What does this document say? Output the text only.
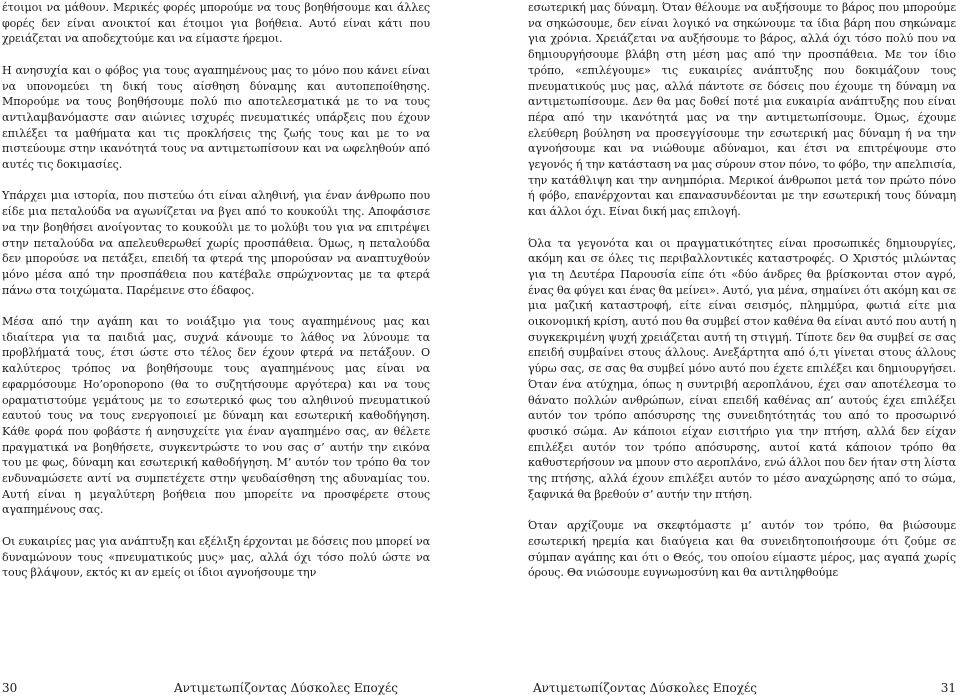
έτοιμοι να μάθουν. Μερικές φορές μπορούμε να τους βοηθήσουμε και άλλες φορές δεν είναι ανοικτοί και έτοιμοι για βοήθεια. Αυτό είναι κάτι που χρειάζεται να αποδεχτούμε και να είμαστε ήρεμοι.

Η ανησυχία και ο φόβος για τους αγαπημένους μας το μόνο που κάνει είναι να υπονομεύει τη δική τους αίσθηση δύναμης και αυτοπεποίθησης. Μπορούμε να τους βοηθήσουμε πολύ πιο αποτελεσματικά με το να τους αντιλαμβανόμαστε σαν αιώνιες ισχυρές πνευματικές υπάρξεις που έχουν επιλέξει τα μαθήματα και τις προκλήσεις της ζωής τους και με το να πιστεύουμε στην ικανότητά τους να αντιμετωπίσουν και να ωφεληθούν από αυτές τις δοκιμασίες.

Υπάρχει μια ιστορία, που πιστεύω ότι είναι αληθινή, για έναν άνθρωπο που είδε μια πεταλούδα να αγωνίζεται να βγει από το κουκούλι της. Αποφάσισε να την βοηθήσει ανοίγοντας το κουκούλι με το μολύβι του για να επιτρέψει στην πεταλούδα να απελευθερωθεί χωρίς προσπάθεια. Όμως, η πεταλούδα δεν μπορούσε να πετάξει, επειδή τα φτερά της μπορούσαν να αναπτυχθούν μόνο μέσα από την προσπάθεια που κατέβαλε σπρώχνοντας με τα φτερά πάνω στα τοιχώματα. Παρέμεινε στο έδαφος.

Μέσα από την αγάπη και το νοιάξιμο για τους αγαπημένους μας και ιδιαίτερα για τα παιδιά μας, συχνά κάνουμε το λάθος να λύνουμε τα προβλήματά τους, έτσι ώστε στο τέλος δεν έχουν φτερά να πετάξουν. Ο καλύτερος τρόπος να βοηθήσουμε τους αγαπημένους μας είναι να εφαρμόσουμε Ho’oponopono (θα το συζητήσουμε αργότερα) και να τους οραματιστούμε γεμάτους με το εσωτερικό φως του αληθινού πνευματικού εαυτού τους να τους ενεργοποιεί με δύναμη και εσωτερική καθοδήγηση. Κάθε φορά που φοβάστε ή ανησυχείτε για έναν αγαπημένο σας, αν θέλετε πραγματικά να βοηθήσετε, συγκεντρώστε το νου σας σ’ αυτήν την εικόνα του με φως, δύναμη και εσωτερική καθοδήγηση. Μ’ αυτόν τον τρόπο θα τον ενδυναμώσετε αντί να συμπετέχετε στην ψευδαίσθηση της αδυναμίας του. Αυτή είναι η μεγαλύτερη βοήθεια που μπορείτε να προσφέρετε στους αγαπημένους σας.

Οι ευκαιρίες μας για ανάπτυξη και εξέλιξη έρχονται με δόσεις που μπορεί να δυναμώνουν τους «πνευματικούς μυς» μας, αλλά όχι τόσο πολύ ώστε να τους βλάψουν, εκτός κι αν εμείς οι ίδιοι αγνοήσουμε την

30	Αντιμετωπίζοντας Δύσκολες Εποχές

εσωτερική μας δύναμη. Όταν θέλουμε να αυξήσουμε το βάρος που μπορούμε να σηκώσουμε, δεν είναι λογικό να σηκώνουμε τα ίδια βάρη που σηκώναμε για χρόνια. Χρειάζεται να αυξήσουμε το βάρος, αλλά όχι τόσο πολύ που να δημιουργήσουμε βλάβη στη μέση μας από την προσπάθεια. Με τον ίδιο τρόπο, «επιλέγουμε» τις ευκαιρίες ανάπτυξης που δοκιμάζουν τους πνευματικούς μυς μας, αλλά πάντοτε σε δόσεις που έχουμε τη δύναμη να αντιμετωπίσουμε. Δεν θα μας δοθεί ποτέ μια ευκαιρία ανάπτυξης που είναι πέρα από την ικανότητά μας να την αντιμετωπίσουμε. Όμως, έχουμε ελεύθερη βούληση να προσεγγίσουμε την εσωτερική μας δύναμη ή να την αγνοήσουμε και να νιώθουμε αδύναμοι, και έτσι να επιτρέψουμε στο γεγονός ή την κατάσταση να μας σύρουν στον πόνο, το φόβο, την απελπισία, την κατάθλιψη και την ανημπόρια. Μερικοί άνθρωποι μετά τον πρώτο πόνο ή φόβο, επανέρχονται και επανασυνδέονται με την εσωτερική τους δύναμη και άλλοι όχι. Είναι δική μας επιλογή.

Όλα τα γεγονότα και οι πραγματικότητες είναι προσωπικές δημιουργίες, ακόμη και σε όλες τις περιβαλλοντικές καταστροφές. Ο Χριστός μιλώντας για τη Δευτέρα Παρουσία είπε ότι «δύο άνδρες θα βρίσκονται στον αγρό, ένας θα φύγει και ένας θα μείνει». Αυτό, για μένα, σημαίνει ότι ακόμη και σε μια μαζική καταστροφή, είτε είναι σεισμός, πλημμύρα, φωτιά είτε μια οικονομική κρίση, αυτό που θα συμβεί στον καθένα θα είναι αυτό που αυτή η συγκεκριμένη ψυχή χρειάζεται αυτή τη στιγμή. Τίποτε δεν θα συμβεί σε σας επειδή συμβαίνει στους άλλους. Ανεξάρτητα από ό,τι γίνεται στους άλλους γύρω σας, σε σας θα συμβεί μόνο αυτό που έχετε επιλέξει και δημιουργήσει. Όταν ένα ατύχημα, όπως η συντριβή αεροπλάνου, έχει σαν αποτέλεσμα το θάνατο πολλών ανθρώπων, είναι επειδή καθένας απ’ αυτούς έχει επιλέξει αυτόν τον τρόπο απόσυρσης της συνειδητότητάς του από το προσωρινό φυσικό σώμα. Αν κάποιοι είχαν εισιτήριο για την πτήση, αλλά δεν είχαν επιλέξει αυτόν τον τρόπο απόσυρσης, αυτοί κατά κάποιον τρόπο θα καθυστερήσουν να μπουν στο αεροπλάνο, ενώ άλλοι που δεν ήταν στη λίστα της πτήσης, αλλά έχουν επιλέξει αυτόν το μέσο αναχώρησης από το σώμα, ξαφνικά θα βρεθούν σ’ αυτήν την πτήση.

Όταν αρχίζουμε να σκεφτόμαστε μ’ αυτόν τον τρόπο, θα βιώσουμε εσωτερική ηρεμία και διαύγεια και θα συνειδητοποιήσουμε ότι ζούμε σε σύμπαν αγάπης και ότι ο Θεός, του οποίου είμαστε μέρος, μας αγαπά χωρίς όρους. Θα νιώσουμε ευγνωμοσύνη και θα αντιληφθούμε

Αντιμετωπίζοντας Δύσκολες Εποχές	31
